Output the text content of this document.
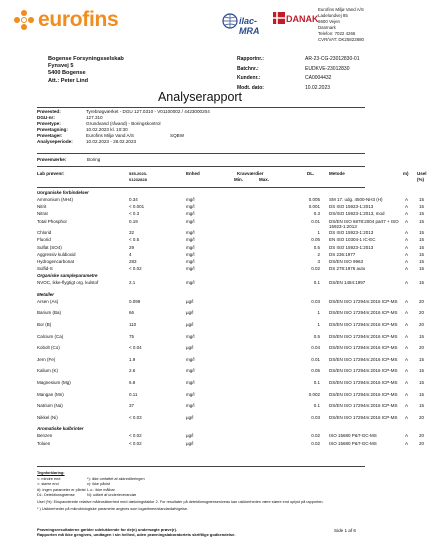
eurofins	ilac-MRA
DANAK
Eurofins Miljø Vand A/S
Ladelundvej 85
6600 Vejen
Danmark
Telefon: 7022 4266
CVR/VAT: DK25822880
Bogense Forsyningsselskab
Fynsvej 5
5400 Bogense
Att.: Peter Lind
Rapportnr.:	AR-23-CG-23012830-01
Batchnr.:	EUDKVE-23012830
Kundenr.:	CA0004432
Modt. dato:	10.02.2023
Analyserapport
Prøvested:	Tyrebrøgværket - DGU 127.0310 - V01100002 / 4423000204
DGU-nr:	127.310
Prøvetype:	Grundvand (råvand) - Boringskontrol
Prøvetagning:	10.02.2023 kl. 10:30
Prøvetager:	Eurofins Miljø Vand A/S	SQBW
Analyseperiode:	10.02.2023 - 28.02.2023
Prøvemærke:	Boring
Lab prøvenr:	535-2023-
01232828
Enhed	Kravværdier
Min.	Max.
DL.	Metode	m) Usel
(%)
Uorganiske forbindelser
Ammonium (NH4)	0.34	mg/l	0.005 SM 17. udg. 4500-NH3 (H)	A 15
Nitrit	< 0.001	mg/l	0.001 DS ISO 15923-1:2013	A 15
Nitrat	< 0.3	mg/l	0.3 DS/ISO 15923-1:2013, mod	A 15
Total Phosphor	0.19	mg/l	0.01 DS/EN ISO 6878:2004 part7 + ISO 15923-1:2013
A 15
Chlorid	32	mg/l	1 DS ISO 15923-1:2013	A 15
Fluorid	< 0.5	mg/l	0.05 EN ISO 10304-1 IC-EC	A 15
Sulfat (SO4)	29	mg/l	0.5 DS ISO 15923-1:2013	A 15
Aggressiv kuldioxid	4	mg/l	2 DS 236:1977	A 15
Hydrogencarbonat	283	mg/l	3 DS/EN ISO 9963	A 15
Sulfid-S	< 0.02	mg/l	0.02 DS 278:1976 auto	A 15
Organiske sampleparametre
NVOC, ikke-flygtigt org. kulstof	2.1	mg/l	0.1 DS/EN 1484:1997	A 15
Metaller
Arsen (As)	0.099	µg/l	0.03 DS/EN ISO 17294m:2016 ICP-MS	A 20
Barium (Ba)	66	µg/l	1 DS/EN ISO 17294m:2016 ICP-MS	A 20
Bor (B)	110	µg/l	1 DS/EN ISO 17294m:2016 ICP-MS	A 20
Calcium (Ca)	75	mg/l	0.5 DS/EN ISO 17294m:2016 ICP-MS	A 15
Kobolt (Co)	< 0.04	µg/l	0.04 DS/EN ISO 17294m:2016 ICP-MS	A 20
Jern (Fe)	1.9	mg/l	0.01 DS/EN ISO 17294m:2016 ICP-MS	A 15
Kalium (K)	2.6	mg/l	0.05 DS/EN ISO 17294m:2016 ICP-MS	A 15
Magnesium (Mg)	6.8	mg/l	0.1 DS/EN ISO 17294m:2016 ICP-MS	A 15
Mangan (Mn)	0.11	mg/l	0.002 DS/EN ISO 17294m:2016 ICP-MS	A 15
Natrium (Na)	37	mg/l	0.1 DS/EN ISO 17294m:2016 ICP-MS	A 15
Nikkel (Ni)	< 0.03	µg/l	0.03 DS/EN ISO 17294m:2016 ICP-MS	A 20
Aromatiske kulbrinter
Benzen	< 0.02	µg/l	0.02 ISO 15680 P&T-GC-MS	A 20
Toluen	< 0.02	µg/l	0.02 ISO 15680 P&T-GC-MS	A 20
Tegnforklaring:
<: mindre end	*): ikke omfattet af akkrediteringen
>: større end	c): ikke påvist
#): ingen parameter er påvist L.o.: ikke målbar
DL: Detektionsgrænse	N): udført af underleverandør
Usel (%): Ekspanderede relative måleusikkerhed med dækningsfaktor 2. For resultater på detektionsgrænseniveau kan usikkerheden være større end oplyst på rapporten.
* ) Usikkerheder på mikrobiologiske parametre angives som logaritmen/standardafvigelse.
Prøvningsresultaterne gælder udelukkende for de(n) undersøgte prøve(r).
Rapporten må ikke gengives, undtagen i sin helhed, uden prøvningslaboratoriets skriftlige godkendelse.
Side 1 af 6
